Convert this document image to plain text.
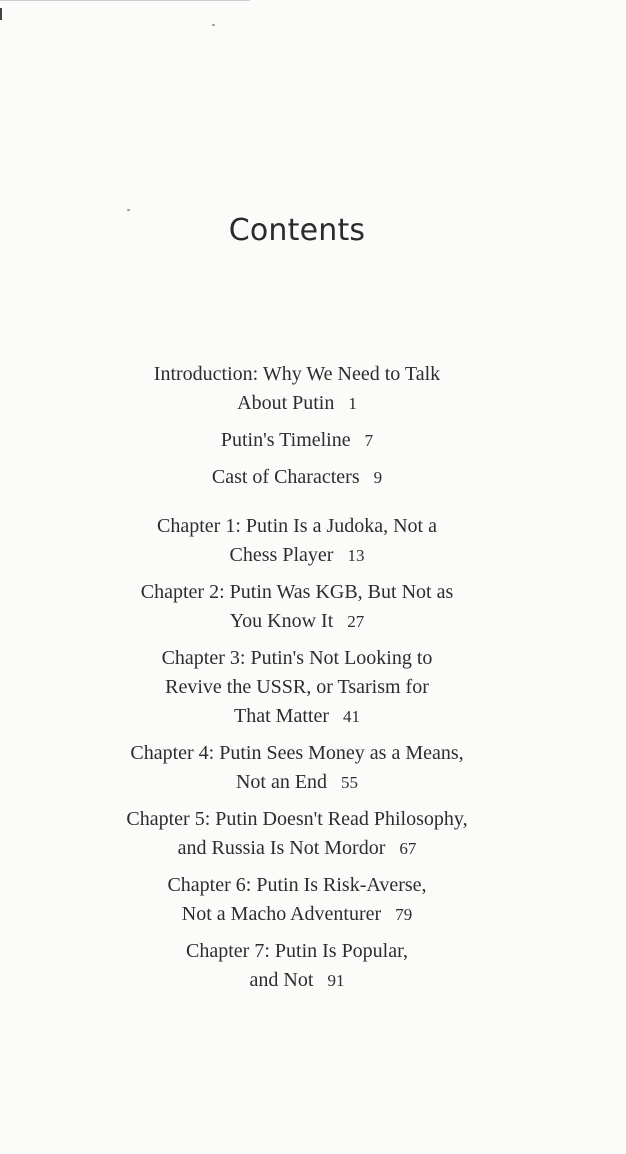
Contents
Introduction: Why We Need to Talk
About Putin 1
Putin's Timeline 7
Cast of Characters 9
Chapter 1: Putin Is a Judoka, Not a
Chess Player 13
Chapter 2: Putin Was KGB, But Not as
You Know It 27
Chapter 3: Putin's Not Looking to
Revive the USSR, or Tsarism for
That Matter 41
Chapter 4: Putin Sees Money as a Means,
Not an End 55
Chapter 5: Putin Doesn't Read Philosophy,
and Russia Is Not Mordor 67
Chapter 6: Putin Is Risk-Averse,
Not a Macho Adventurer 79
Chapter 7: Putin Is Popular,
and Not 91
